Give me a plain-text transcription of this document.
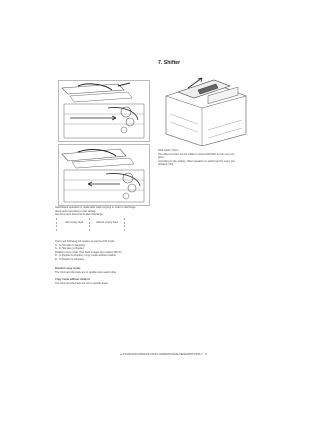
Switchback operation is made after back copying in order to discharge
documents according to the setting.
Set document Documents after discharge.
2
3
4
1
with empty feed
2
3
4
1
without empty feed
2
3
4
1
There are following job modes as well as D-D mode.
S - S (Simplex to Simplex)
S - D (Simplex to Duplex)
Rotation copy mode (The back images are rotated 180°C.)
D - S (Duplex to Duplex): Copy mode without rotation
D - S (Duplex to Simplex)
Rotation copy mode:
The front and the back are in upside down each other.
Copy mode without rotation:
The front and the back are not in upside down.
7. Shifter
Shift width: 2.5cm
The offset function by the shifter is turned ON/OFF by the user pro-
gram.
According to the setting, offset operation is performed for every job.
(Default: ON)
e-STUDIO160/160G/151/151G OPERATIONAL DESCRIPTIONS 7 - 6
